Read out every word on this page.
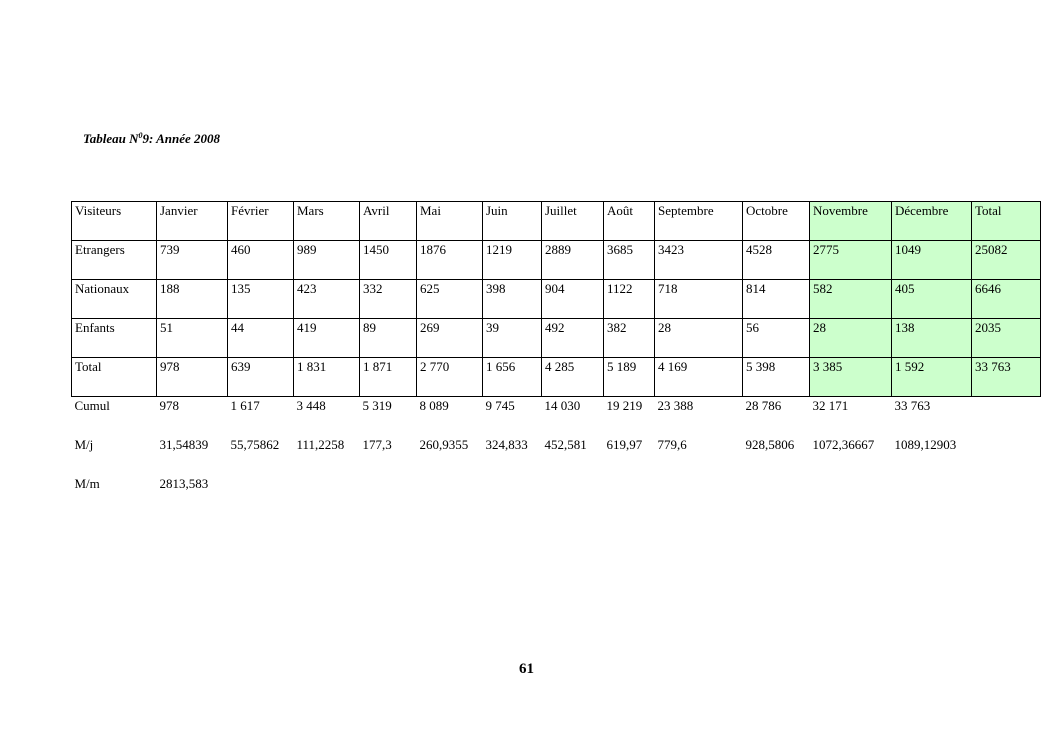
Tableau $N^09$: Année 2008
Visiteurs	Janvier	Février	Mars	Avril	Mai	Juin	Juillet	Août	Septembre	Octobre	Novembre	Décembre	Total
Etrangers	739	460	989	1450	1876	1219	2889	3685	3423	4528	2775	1049	25082
Nationaux	188	135	423	332	625	398	904	1122	718	814	582	405	6646
Enfants	51	44	419	89	269	39	492	382	28	56	28	138	2035
Total	978	639	1 831	1 871	2 770	1 656	4 285	5 189	4 169	5 398	3 385	1 592	33 763
Cumul	978	1 617	3 448	5 319	8 089	9 745	14 030	19 219	23 388	28 786	32 171	33 763	
M/j	31,54839	55,75862	111,2258	177,3	260,9355	324,833	452,581	619,97	779,6	928,5806	1072,36667	1089,12903	
M/m	2813,583												
61
